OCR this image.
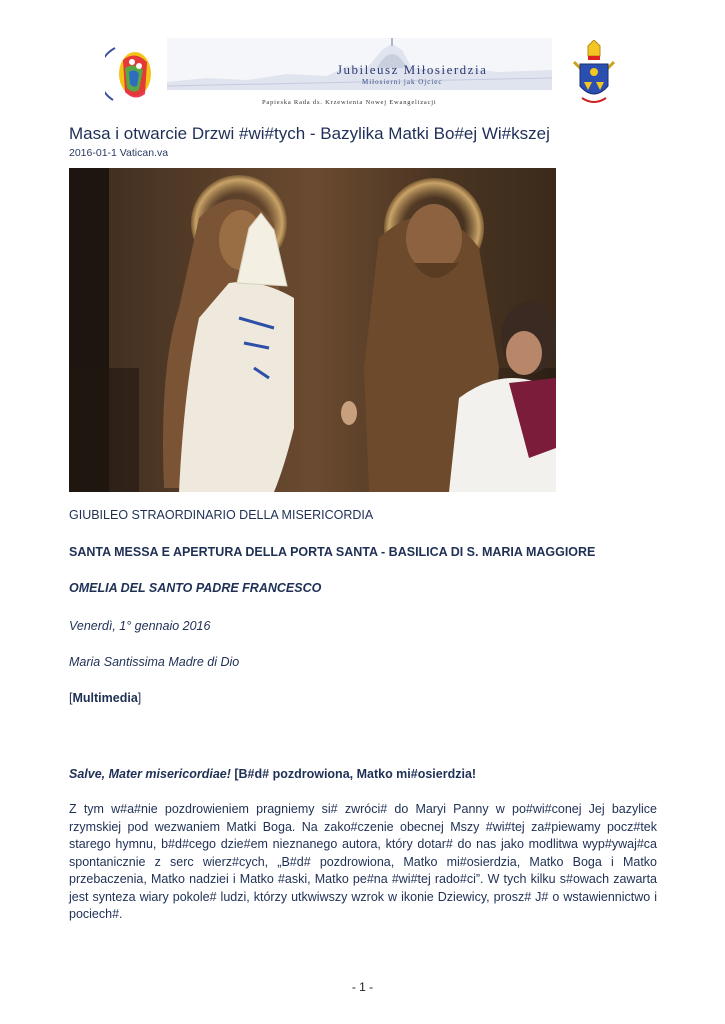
Jubileusz Miłosierdzia
Miłosierni jak Ojciec
Papieska Rada ds. Krzewienia Nowej Ewangelizacji
Masa i otwarcie Drzwi #wi#tych - Bazylika Matki Bo#ej Wi#kszej
2016-01-1 Vatican.va
GIUBILEO STRAORDINARIO DELLA MISERICORDIA
SANTA MESSA E APERTURA DELLA PORTA SANTA - BASILICA DI S. MARIA MAGGIORE
OMELIA DEL SANTO PADRE FRANCESCO
Venerdì, 1° gennaio 2016
Maria Santissima Madre di Dio
[Multimedia]
Salve, Mater misericordiae! [B#d# pozdrowiona, Matko mi#osierdzia!
Z tym w#a#nie pozdrowieniem pragniemy si# zwróci# do Maryi Panny w po#wi#conej Jej bazylice rzymskiej pod wezwaniem Matki Boga. Na zako#czenie obecnej Mszy #wi#tej za#piewamy pocz#tek starego hymnu, b#d#cego dzie#em nieznanego autora, który dotar# do nas jako modlitwa wyp#ywaj#ca spontanicznie z serc wierz#cych, „B#d# pozdrowiona, Matko mi#osierdzia, Matko Boga i Matko przebaczenia, Matko nadziei i Matko #aski, Matko pe#na #wi#tej rado#ci”. W tych kilku s#owach zawarta jest synteza wiary pokole# ludzi, którzy utkwiwszy wzrok w ikonie Dziewicy, prosz# J# o wstawiennictwo i pociech#.
- 1 -
